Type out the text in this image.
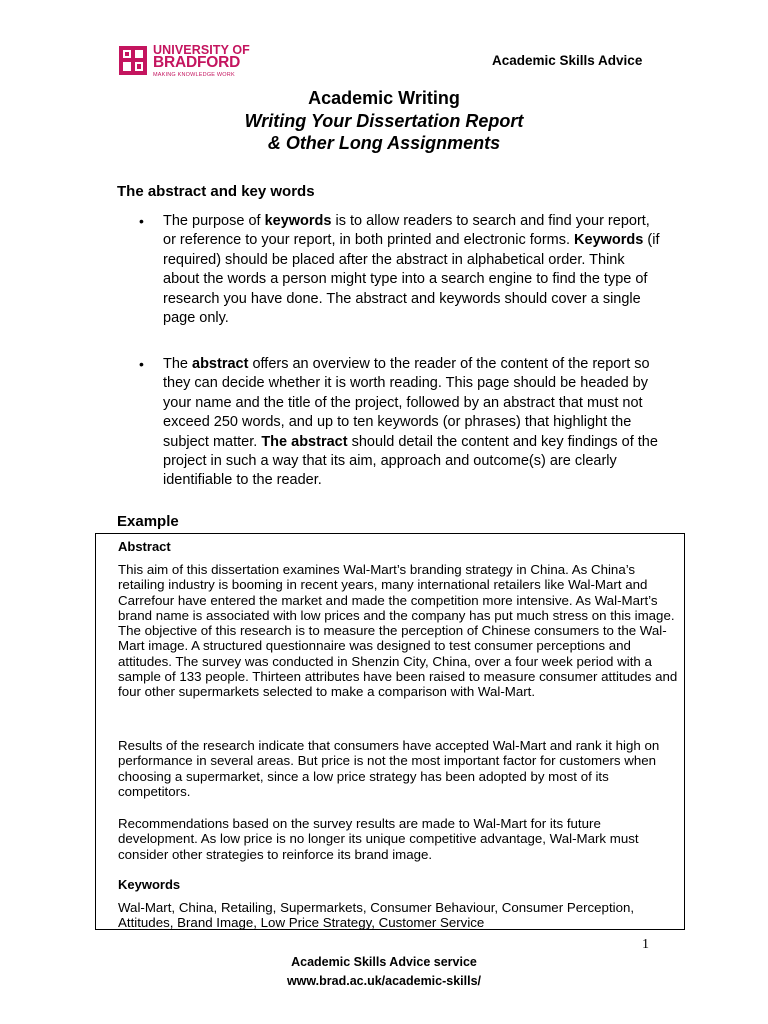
UNIVERSITY OF
BRADFORD
MAKING KNOWLEDGE WORK
Academic Skills Advice
Academic Writing
Writing Your Dissertation Report
& Other Long Assignments
The abstract and key words
• The purpose of keywords is to allow readers to search and find your report, or reference to your report, in both printed and electronic forms. Keywords (if required) should be placed after the abstract in alphabetical order. Think about the words a person might type into a search engine to find the type of research you have done. The abstract and keywords should cover a single page only.
• The abstract offers an overview to the reader of the content of the report so they can decide whether it is worth reading. This page should be headed by your name and the title of the project, followed by an abstract that must not exceed 250 words, and up to ten keywords (or phrases) that highlight the subject matter. The abstract should detail the content and key findings of the project in such a way that its aim, approach and outcome(s) are clearly identifiable to the reader.
Example
Abstract
This aim of this dissertation examines Wal-Mart’s branding strategy in China. As China’s retailing industry is booming in recent years, many international retailers like Wal-Mart and Carrefour have entered the market and made the competition more intensive. As Wal-Mart’s brand name is associated with low prices and the company has put much stress on this image. The objective of this research is to measure the perception of Chinese consumers to the Wal-Mart image. A structured questionnaire was designed to test consumer perceptions and attitudes. The survey was conducted in Shenzin City, China, over a four week period with a sample of 133 people. Thirteen attributes have been raised to measure consumer attitudes and four other supermarkets selected to make a comparison with Wal-Mart.
Results of the research indicate that consumers have accepted Wal-Mart and rank it high on performance in several areas. But price is not the most important factor for customers when choosing a supermarket, since a low price strategy has been adopted by most of its competitors.
Recommendations based on the survey results are made to Wal-Mart for its future development. As low price is no longer its unique competitive advantage, Wal-Mark must consider other strategies to reinforce its brand image.
Keywords
Wal-Mart, China, Retailing, Supermarkets, Consumer Behaviour, Consumer Perception, Attitudes, Brand Image, Low Price Strategy, Customer Service
1
Academic Skills Advice service
www.brad.ac.uk/academic-skills/
